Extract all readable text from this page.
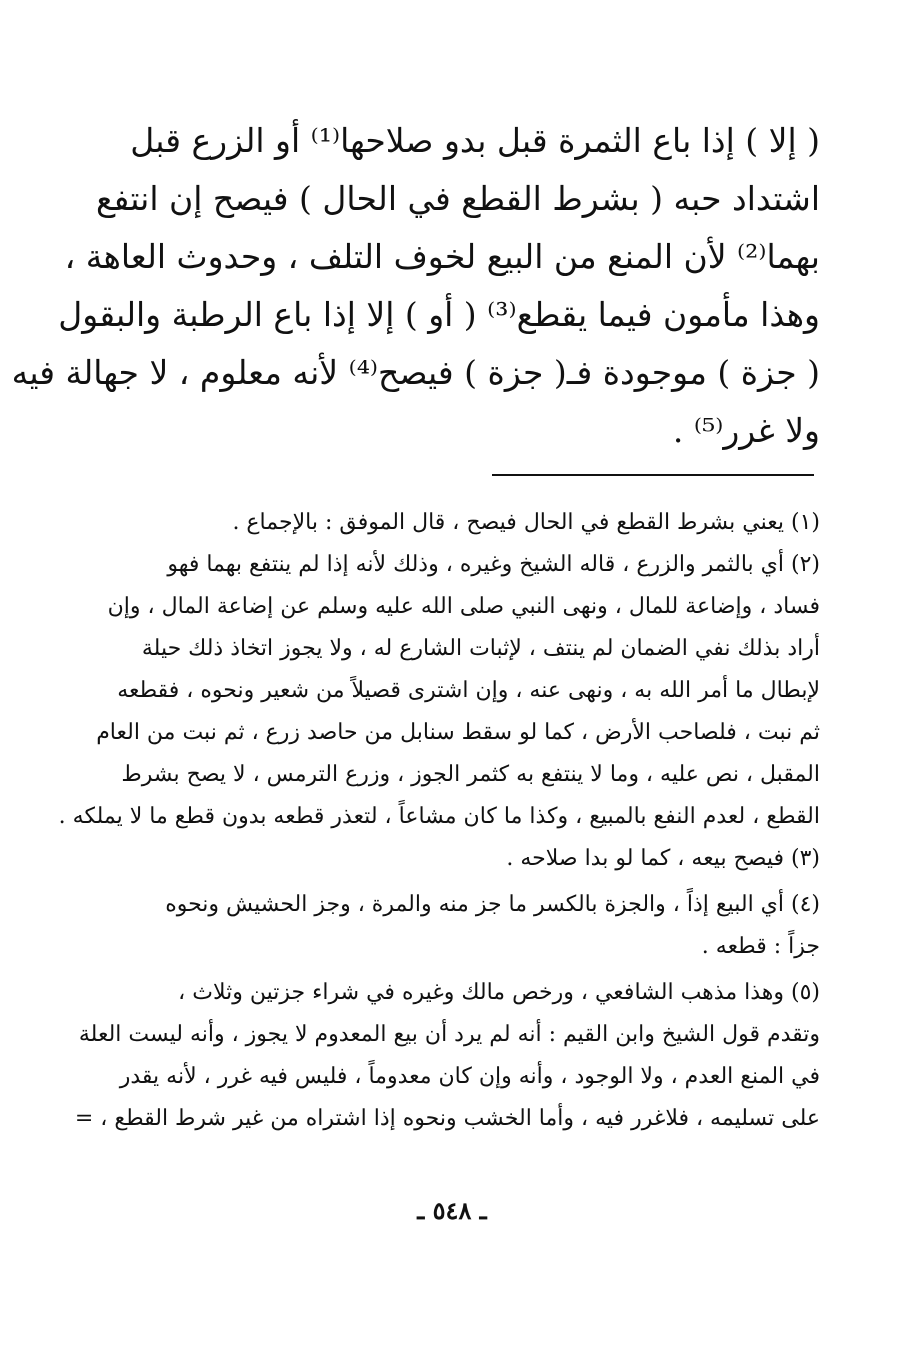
( إلا ) إذا باع الثمرة قبل بدو صلاحها⁽¹⁾ أو الزرع قبل
اشتداد حبه ( بشرط القطع في الحال ) فيصح إن انتفع
بهما⁽²⁾ لأن المنع من البيع لخوف التلف ، وحدوث العاهة ،
وهذا مأمون فيما يقطع⁽³⁾ ( أو ) إلا إذا باع الرطبة والبقول
( جزة ) موجودة فـ( جزة ) فيصح⁽⁴⁾ لأنه معلوم ، لا جهالة فيه
ولا غرر⁽⁵⁾ .
(١) يعني بشرط القطع في الحال فيصح ، قال الموفق : بالإجماع .
(٢) أي بالثمر والزرع ، قاله الشيخ وغيره ، وذلك لأنه إذا لم ينتفع بهما فهو
فساد ، وإضاعة للمال ، ونهى النبي صلى الله عليه وسلم عن إضاعة المال ، وإن
أراد بذلك نفي الضمان لم ينتف ، لإثبات الشارع له ، ولا يجوز اتخاذ ذلك حيلة
لإبطال ما أمر الله به ، ونهى عنه ، وإن اشترى قصيلاً من شعير ونحوه ، فقطعه
ثم نبت ، فلصاحب الأرض ، كما لو سقط سنابل من حاصد زرع ، ثم نبت من العام
المقبل ، نص عليه ، وما لا ينتفع به كثمر الجوز ، وزرع الترمس ، لا يصح بشرط
القطع ، لعدم النفع بالمبيع ، وكذا ما كان مشاعاً ، لتعذر قطعه بدون قطع ما لا يملكه .
(٣) فيصح بيعه ، كما لو بدا صلاحه .
(٤) أي البيع إذاً ، والجزة بالكسر ما جز منه والمرة ، وجز الحشيش ونحوه
جزاً : قطعه .
(٥) وهذا مذهب الشافعي ، ورخص مالك وغيره في شراء جزتين وثلاث ،
وتقدم قول الشيخ وابن القيم : أنه لم يرد أن بيع المعدوم لا يجوز ، وأنه ليست العلة
في المنع العدم ، ولا الوجود ، وأنه وإن كان معدوماً ، فليس فيه غرر ، لأنه يقدر
على تسليمه ، فلاغرر فيه ، وأما الخشب ونحوه إذا اشتراه من غير شرط القطع ، =
ـ ٥٤٨ ـ
